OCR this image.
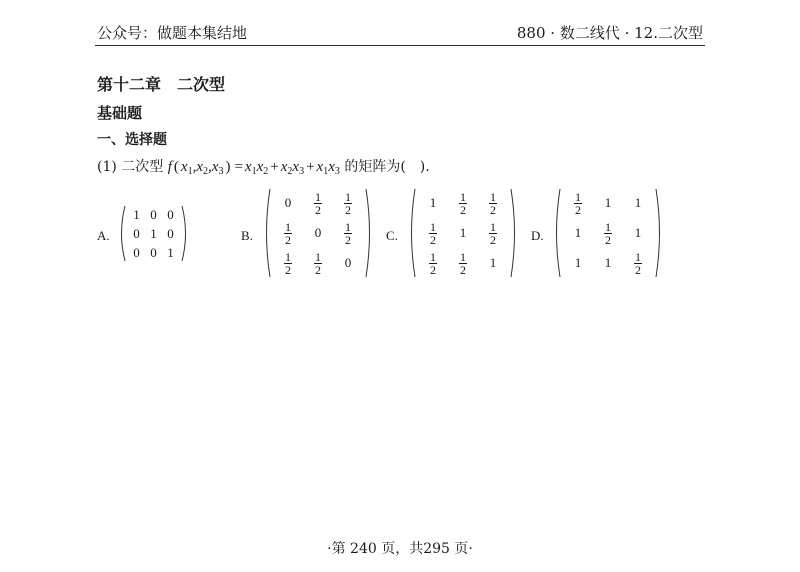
公众号：做题本集结地	880 · 数二线代 · 12.二次型
第十二章　二次型
基础题
一、选择题
(1) 二次型 f ( $x_1,x_2,x_3$ ) = $x_1x_2 + x_2x_3 + x_1x_3$ 的矩阵为(　).
A.	B.	C.	D.
1	0	0
0	1	0
0	0	1
0	$\frac{1}{2}$	$\frac{1}{2}$

$\frac{1}{2}$	0	$\frac{1}{2}$

$\frac{1}{2}$	$\frac{1}{2}$	0
1	$\frac{1}{2}$	$\frac{1}{2}$

$\frac{1}{2}$	1	$\frac{1}{2}$

$\frac{1}{2}$	$\frac{1}{2}$	1
$\frac{1}{2}$	1	1
1	$\frac{1}{2}$	1
1	1	$\frac{1}{2}$
·第 240 页，共295 页·
